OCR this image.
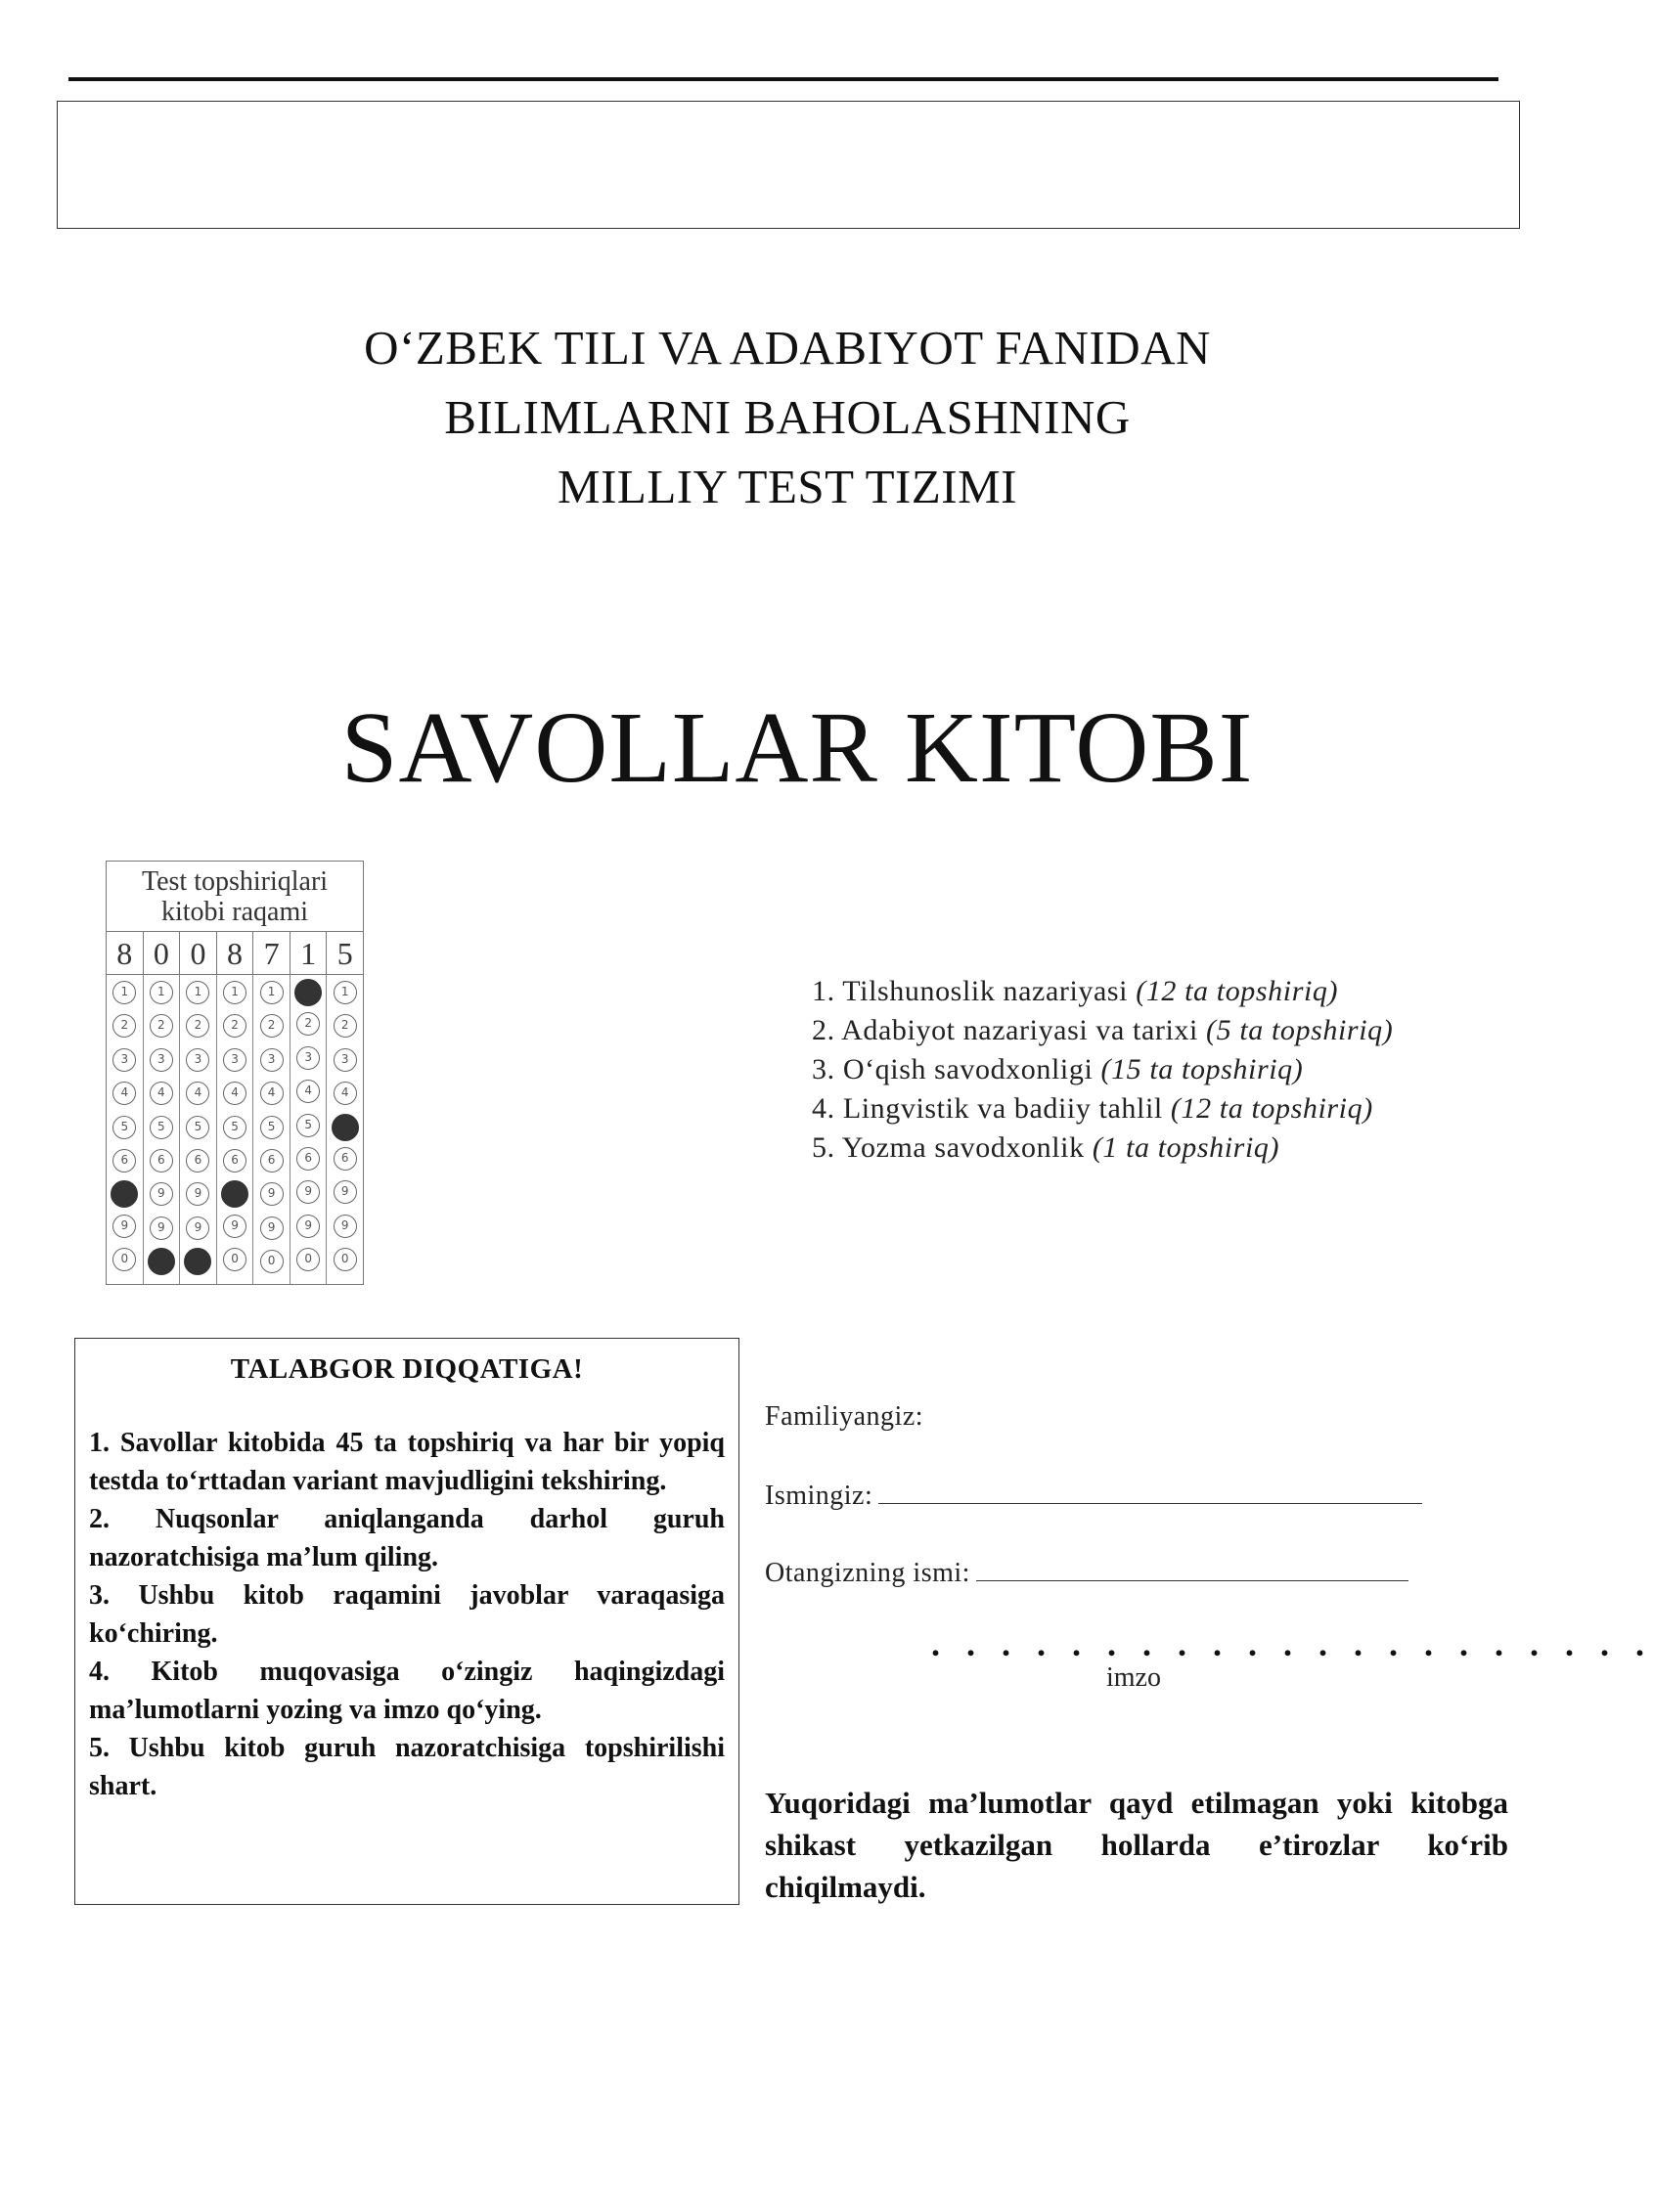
O‘ZBEK TILI VA ADABIYOT FANIDAN
BILIMLARNI BAHOLASHNING
MILLIY TEST TIZIMI
SAVOLLAR KITOBI
Test topshiriqlari
kitobi raqami
8 0 0 8 7 1 5
1
2
3
4
5
6
9
0
1
2
3
4
5
6
9
9
1
2
3
4
5
6
9
9
1
2
3
4
5
6
9
0
1
2
3
4
5
6
9
9
0
2
3
4
5
6
9
9
0
1
2
3
4
6
9
9
0
1. Tilshunoslik nazariyasi (12 ta topshiriq)
2. Adabiyot nazariyasi va tarixi (5 ta topshiriq)
3. O‘qish savodxonligi (15 ta topshiriq)
4. Lingvistik va badiiy tahlil (12 ta topshiriq)
5. Yozma savodxonlik (1 ta topshiriq)
TALABGOR DIQQATIGA!
1. Savollar kitobida 45 ta topshiriq va har bir yopiq testda to‘rttadan variant mavjudligini tekshiring.
2. Nuqsonlar aniqlanganda darhol guruh nazoratchisiga ma’lum qiling.
3. Ushbu kitob raqamini javoblar varaqasiga ko‘chiring.
4. Kitob muqovasiga o‘zingiz haqingizdagi ma’lumotlarni yozing va imzo qo‘ying.
5. Ushbu kitob guruh nazoratchisiga topshirilishi shart.
Familiyangiz:
Ismingiz:
Otangizning ismi:
. . . . . . . . . . . . . . . . . . . . .
imzo
Yuqoridagi ma’lumotlar qayd etilmagan yoki kitobga shikast yetkazilgan hollarda e’tirozlar ko‘rib chiqilmaydi.
